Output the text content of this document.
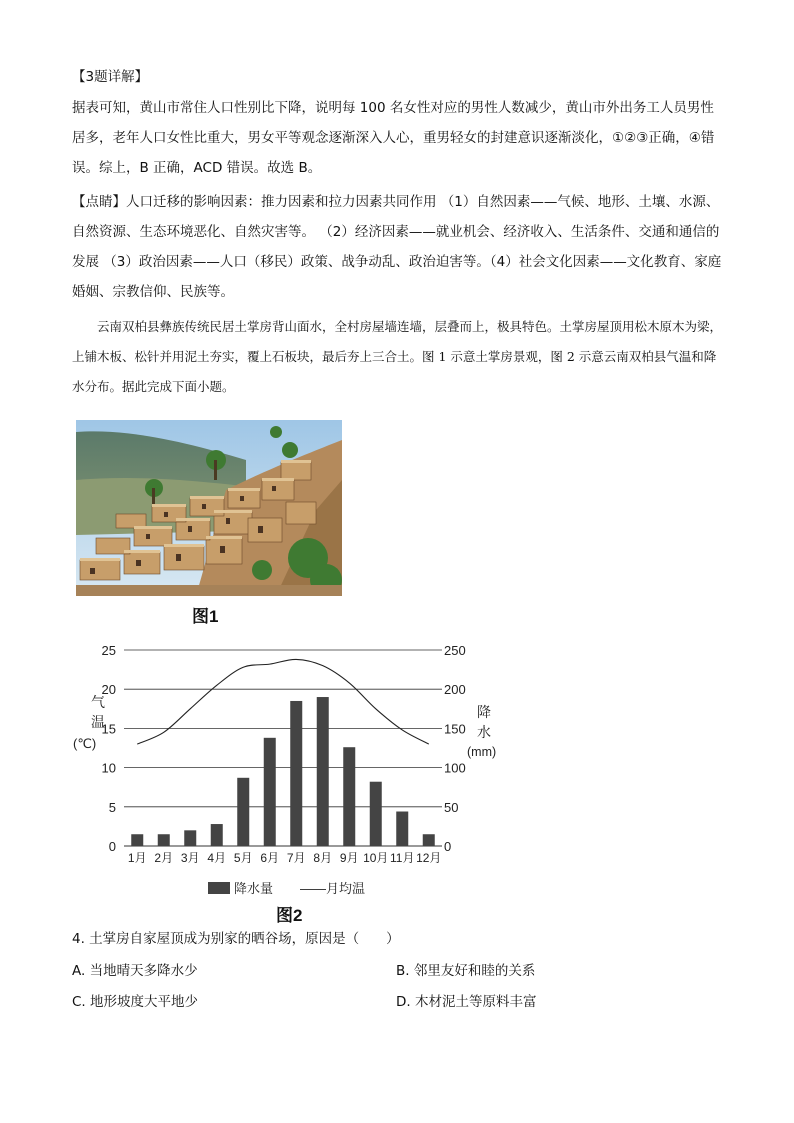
【3题详解】

据表可知，黄山市常住人口性别比下降，说明每 100 名女性对应的男性人数减少，黄山市外出务工人员男性居多，老年人口女性比重大，男女平等观念逐渐深入人心，重男轻女的封建意识逐渐淡化，①②③正确，④错误。综上，B 正确，ACD 错误。故选 B。

【点睛】人口迁移的影响因素：推力因素和拉力因素共同作用 （1）自然因素——气候、地形、土壤、水源、自然资源、生态环境恶化、自然灾害等。 （2）经济因素——就业机会、经济收入、生活条件、交通和通信的发展 （3）政治因素——人口（移民）政策、战争动乱、政治迫害等。（4）社会文化因素——文化教育、家庭婚姻、宗教信仰、民族等。

云南双柏县彝族传统民居土掌房背山面水，全村房屋墙连墙，层叠而上，极具特色。土掌房屋顶用松木原木为梁，上铺木板、松针并用泥土夯实，覆上石板块，最后夯上三合土。图 1 示意土掌房景观，图 2 示意云南双柏县气温和降水分布。据此完成下面小题。

图1
0
5
10
15
20
25
0
50
100
150
200
250
1月 2月 3月 4月 5月 6月 7月 8月 9月 10月 11月 12月
气
温
(℃)
降
水
(mm)
降水量 ——月均温
图2
4. 土掌房自家屋顶成为别家的晒谷场，原因是（　　）
A. 当地晴天多降水少	B. 邻里友好和睦的关系
C. 地形坡度大平地少	D. 木材泥土等原料丰富
